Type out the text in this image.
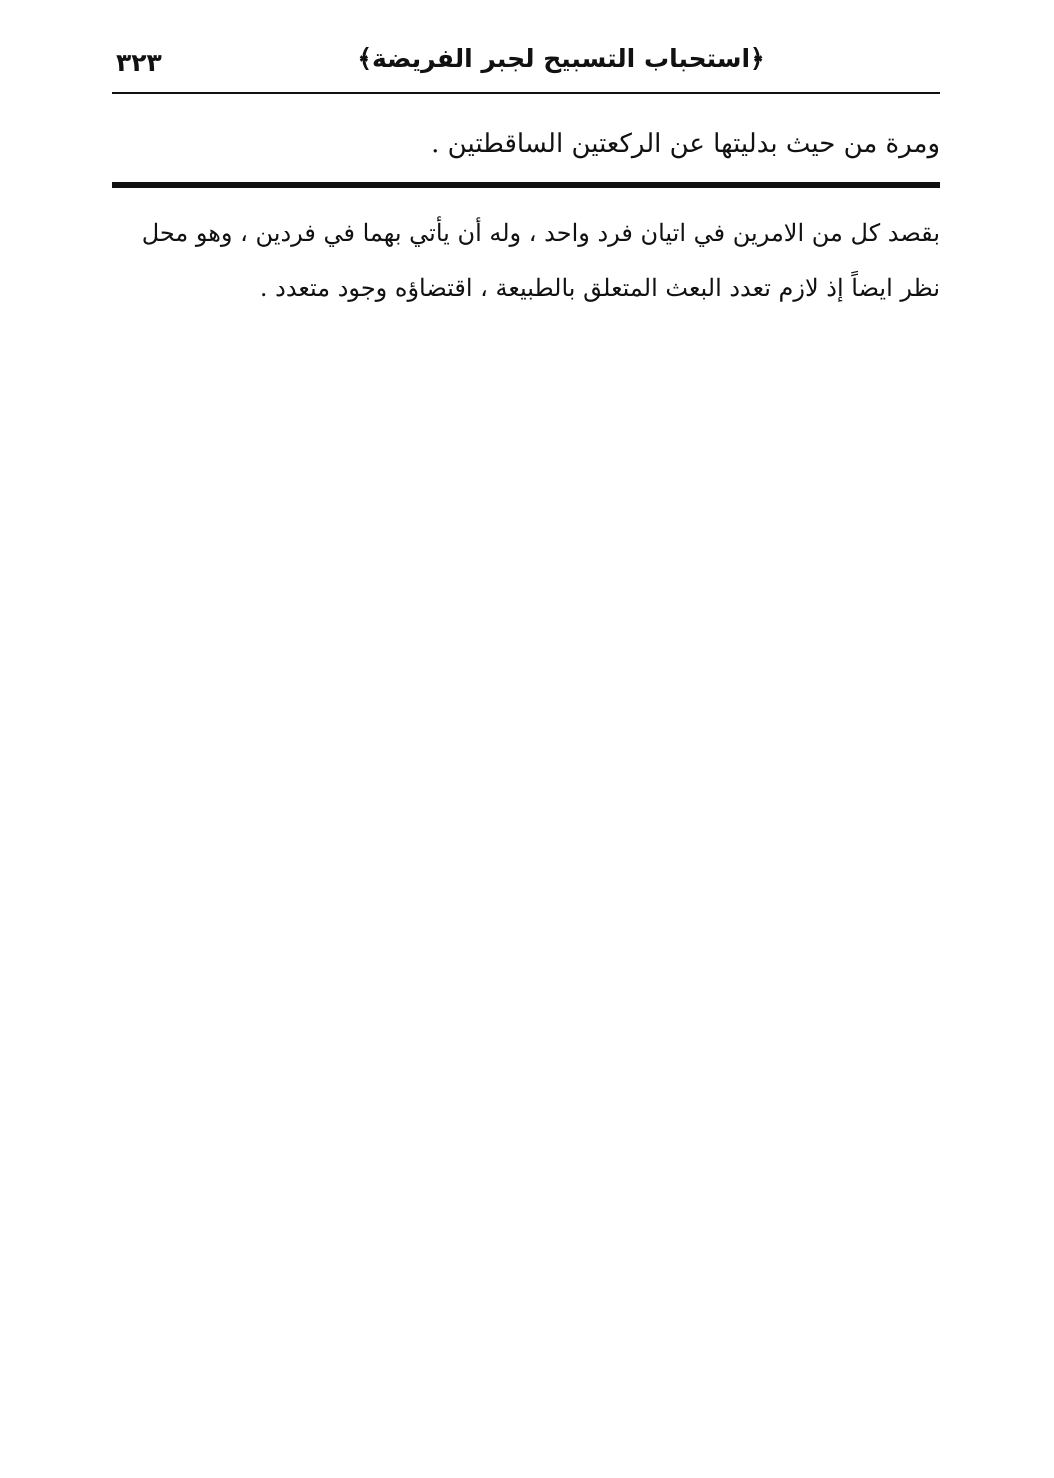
٣٢٣	﴿استحباب التسبيح لجبر الفريضة﴾
ومرة من حيث بدليتها عن الركعتين الساقطتين .

بقصد كل من الامرين في اتيان فرد واحد ، وله أن يأتي بهما في فردين ، وهو محل

نظر ايضاً إذ لازم تعدد البعث المتعلق بالطبيعة ، اقتضاؤه وجود متعدد .
